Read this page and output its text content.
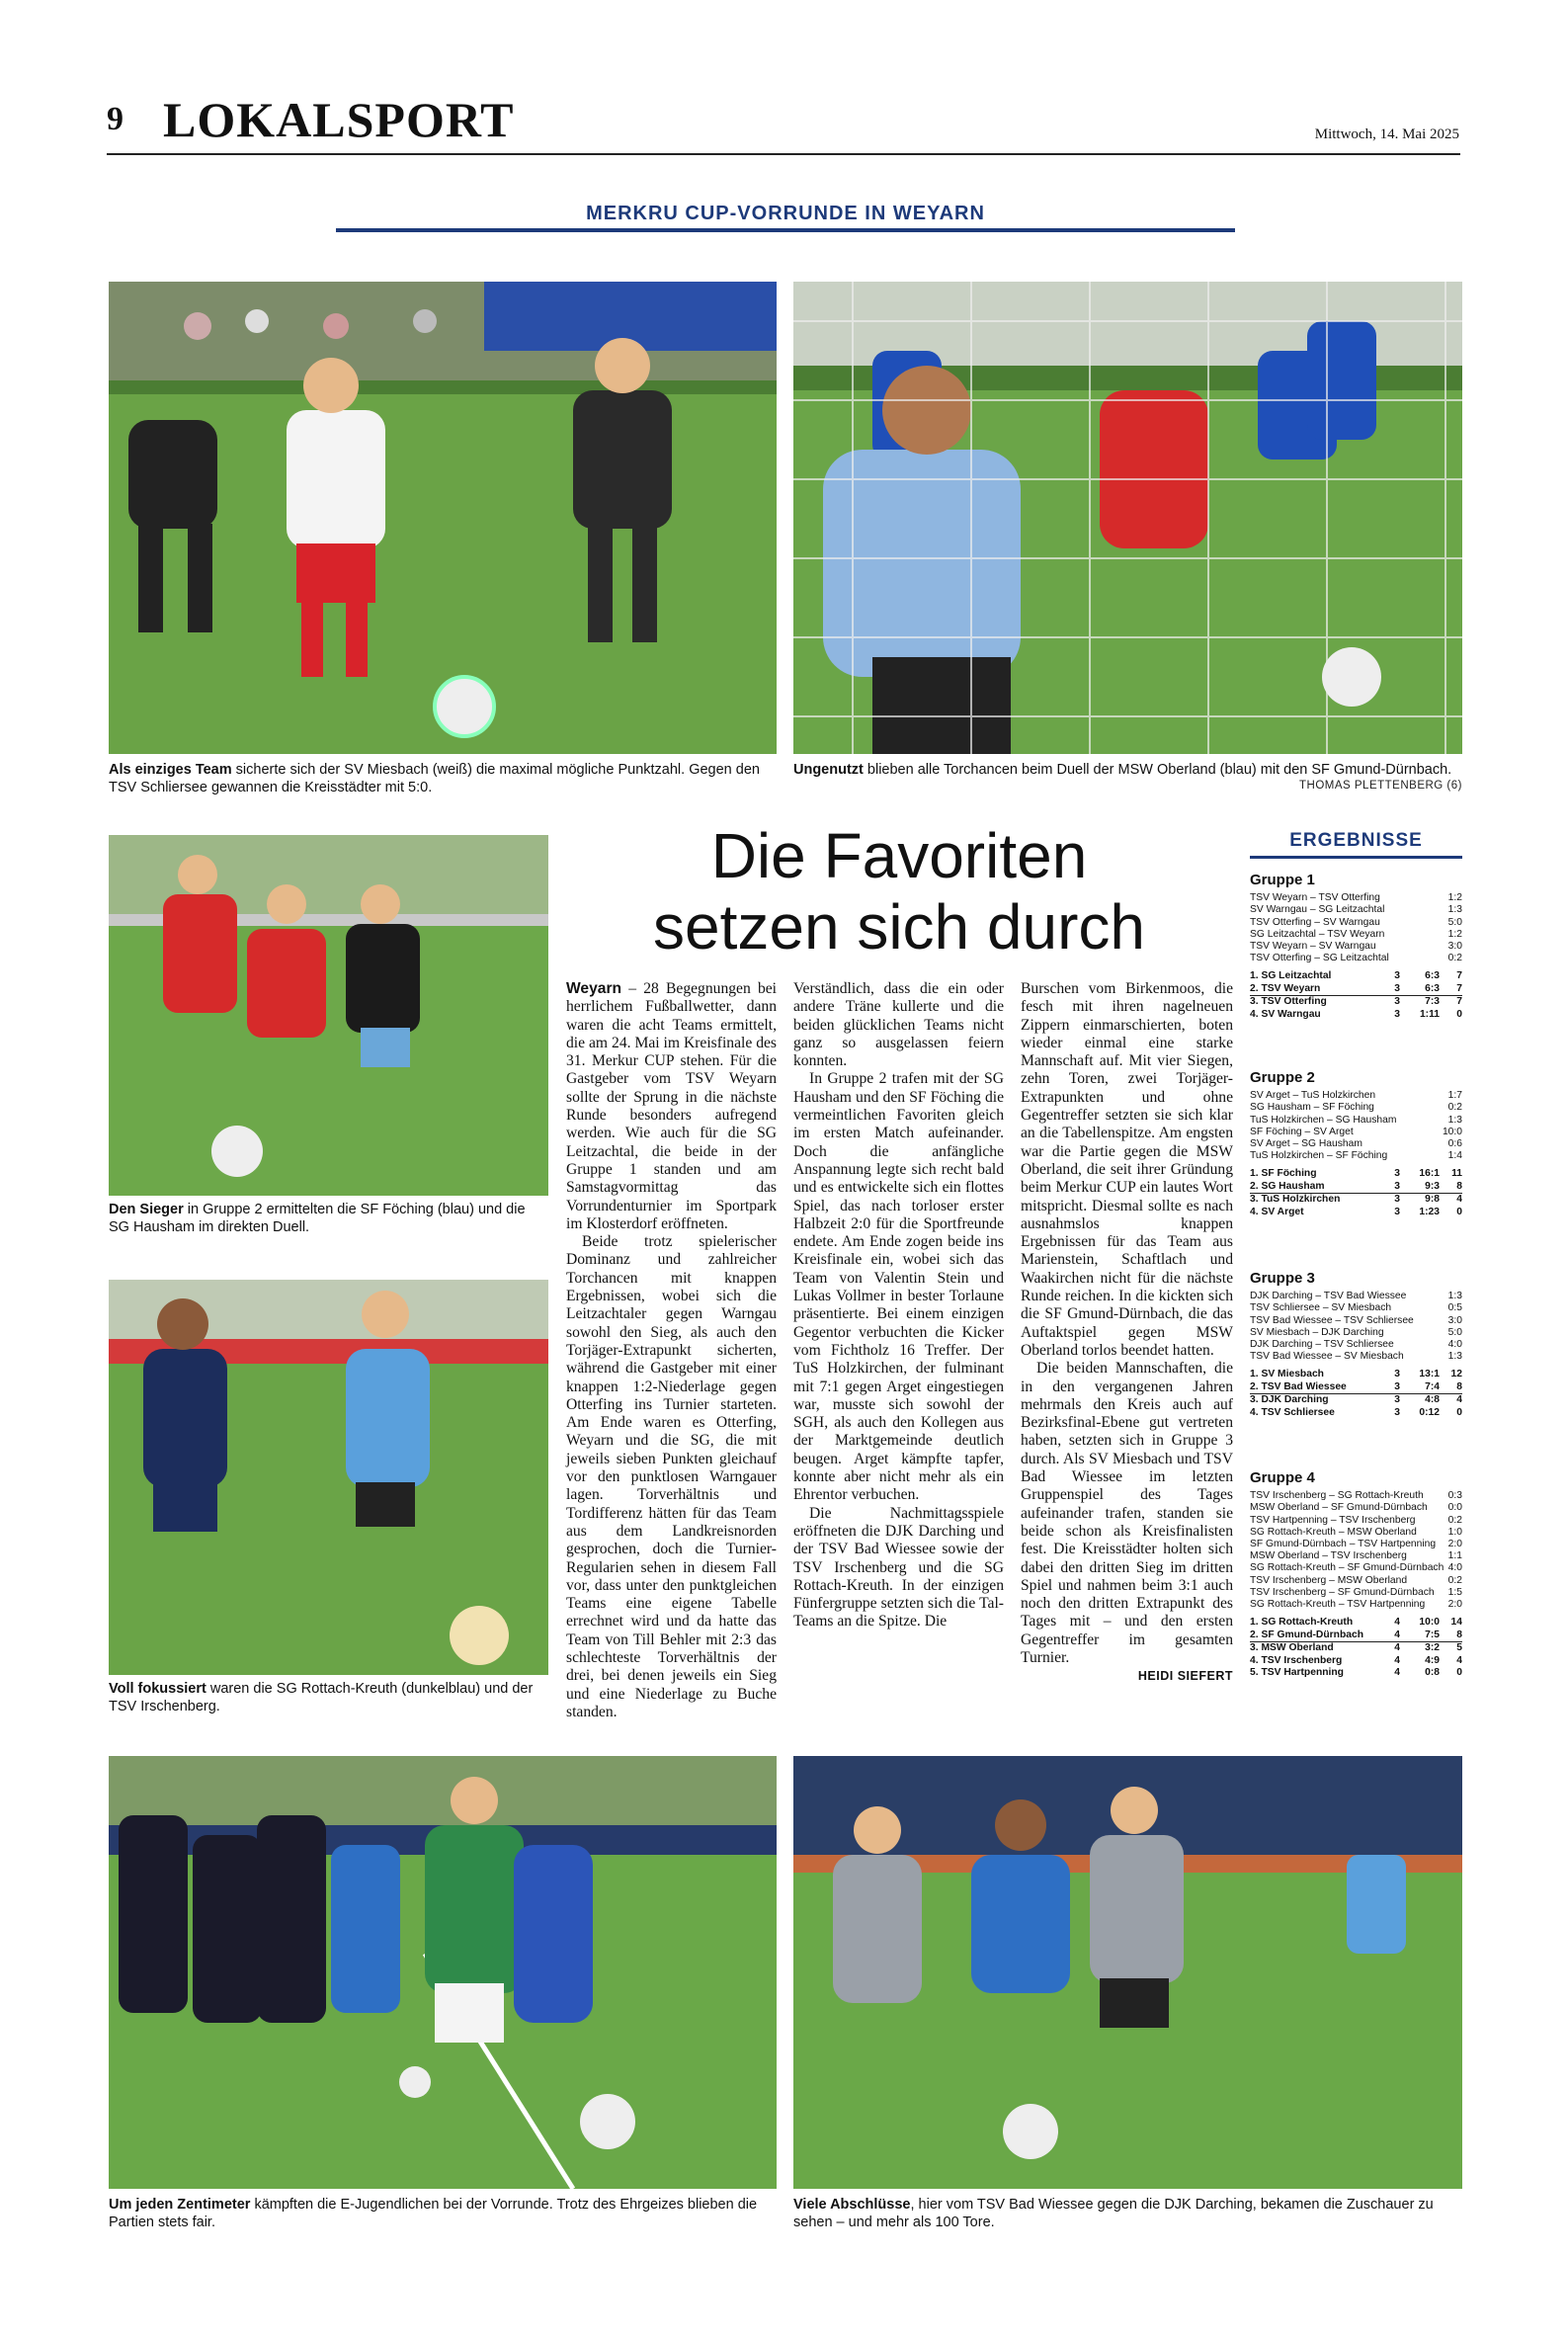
9 LOKALSPORT	Mittwoch, 14. Mai 2025
MERKRU CUP-VORRUNDE IN WEYARN
Als einziges Team sicherte sich der SV Miesbach (weiß) die maximal mögliche Punktzahl. Gegen den TSV Schliersee gewannen die Kreisstädter mit 5:0.
Ungenutzt blieben alle Torchancen beim Duell der MSW Oberland (blau) mit den SF Gmund-Dürnbach.
THOMAS PLETTENBERG (6)
Den Sieger in Gruppe 2 ermittelten die SF Föching (blau) und die SG Hausham im direkten Duell.
Voll fokussiert waren die SG Rottach-Kreuth (dunkelblau) und der TSV Irschenberg.
Die Favoriten
setzen sich durch

Weyarn – 28 Begegnungen bei herrlichem Fußballwetter, dann waren die acht Teams ermittelt, die am 24. Mai im Kreisfinale des 31. Merkur CUP stehen. Für die Gastgeber vom TSV Weyarn sollte der Sprung in die nächste Runde besonders aufregend werden. Wie auch für die SG Leitzachtal, die beide in der Gruppe 1 standen und am Samstagvormittag das Vorrundenturnier im Sportpark im Klosterdorf eröffneten.

Beide trotz spielerischer Dominanz und zahlreicher Torchancen mit knappen Ergebnissen, wobei sich die Leitzachtaler gegen Warngau sowohl den Sieg, als auch den Torjäger-Extrapunkt sicherten, während die Gastgeber mit einer knappen 1:2-Niederlage gegen Otterfing ins Turnier starteten. Am Ende waren es Otterfing, Weyarn und die SG, die mit jeweils sieben Punkten gleichauf vor den punktlosen Warngauer lagen. Torverhältnis und Tordifferenz hätten für das Team aus dem Landkreisnorden gesprochen, doch die Turnier-Regularien sehen in diesem Fall vor, dass unter den punktgleichen Teams eine eigene Tabelle errechnet wird und da hatte das Team von Till Behler mit 2:3 das schlechteste Torverhältnis der drei, bei denen jeweils ein Sieg und eine Niederlage zu Buche standen.

Verständlich, dass die ein oder andere Träne kullerte und die beiden glücklichen Teams nicht ganz so ausgelassen feiern konnten.

In Gruppe 2 trafen mit der SG Hausham und den SF Föching die vermeintlichen Favoriten gleich im ersten Match aufeinander. Doch die anfängliche Anspannung legte sich recht bald und es entwickelte sich ein flottes Spiel, das nach torloser erster Halbzeit 2:0 für die Sportfreunde endete. Am Ende zogen beide ins Kreisfinale ein, wobei sich das Team von Valentin Stein und Lukas Vollmer in bester Torlaune präsentierte. Bei einem einzigen Gegentor verbuchten die Kicker vom Fichtholz 16 Treffer. Der TuS Holzkirchen, der fulminant mit 7:1 gegen Arget eingestiegen war, musste sich sowohl der SGH, als auch den Kollegen aus der Marktgemeinde deutlich beugen. Arget kämpfte tapfer, konnte aber nicht mehr als ein Ehrentor verbuchen.

Die Nachmittagsspiele eröffneten die DJK Darching und der TSV Bad Wiessee sowie der TSV Irschenberg und die SG Rottach-Kreuth. In der einzigen Fünfergruppe setzten sich die Tal-Teams an die Spitze. Die

Burschen vom Birkenmoos, die fesch mit ihren nagelneuen Zippern einmarschierten, boten wieder einmal eine starke Mannschaft auf. Mit vier Siegen, zehn Toren, zwei Torjäger-Extrapunkten und ohne Gegentreffer setzten sie sich klar an die Tabellenspitze. Am engsten war die Partie gegen die MSW Oberland, die seit ihrer Gründung beim Merkur CUP ein lautes Wort mitspricht. Diesmal sollte es nach ausnahmslos knappen Ergebnissen für das Team aus Marienstein, Schaftlach und Waakirchen nicht für die nächste Runde reichen. In die kickten sich die SF Gmund-Dürnbach, die das Auftaktspiel gegen MSW Oberland torlos beendet hatten.

Die beiden Mannschaften, die in den vergangenen Jahren mehrmals den Kreis auch auf Bezirksfinal-Ebene gut vertreten haben, setzten sich in Gruppe 3 durch. Als SV Miesbach und TSV Bad Wiessee im letzten Gruppenspiel des Tages aufeinander trafen, standen sie beide schon als Kreisfinalisten fest. Die Kreisstädter holten sich dabei den dritten Sieg im dritten Spiel und nahmen beim 3:1 auch noch den dritten Extrapunkt des Tages mit – und den ersten Gegentreffer im gesamten Turnier.

HEIDI SIEFERT
ERGEBNISSE
Gruppe 1
TSV Weyarn – TSV Otterfing	1:2
SV Warngau – SG Leitzachtal	1:3
TSV Otterfing – SV Warngau	5:0
SG Leitzachtal – TSV Weyarn	1:2
TSV Weyarn – SV Warngau	3:0
TSV Otterfing – SG Leitzachtal	0:2
1. SG Leitzachtal	3	6:3	7
2. TSV Weyarn	3	6:3	7
3. TSV Otterfing	3	7:3	7
4. SV Warngau	3	1:11	0
Gruppe 2
SV Arget – TuS Holzkirchen	1:7
SG Hausham – SF Föching	0:2
TuS Holzkirchen – SG Hausham	1:3
SF Föching – SV Arget	10:0
SV Arget – SG Hausham	0:6
TuS Holzkirchen – SF Föching	1:4
1. SF Föching	3	16:1	11
2. SG Hausham	3	9:3	8
3. TuS Holzkirchen	3	9:8	4
4. SV Arget	3	1:23	0
Gruppe 3
DJK Darching – TSV Bad Wiessee	1:3
TSV Schliersee – SV Miesbach	0:5
TSV Bad Wiessee – TSV Schliersee	3:0
SV Miesbach – DJK Darching	5:0
DJK Darching – TSV Schliersee	4:0
TSV Bad Wiessee – SV Miesbach	1:3
1. SV Miesbach	3	13:1	12
2. TSV Bad Wiessee	3	7:4	8
3. DJK Darching	3	4:8	4
4. TSV Schliersee	3	0:12	0
Gruppe 4
TSV Irschenberg – SG Rottach-Kreuth	0:3
MSW Oberland – SF Gmund-Dürnbach	0:0
TSV Hartpenning – TSV Irschenberg	0:2
SG Rottach-Kreuth – MSW Oberland	1:0
SF Gmund-Dürnbach – TSV Hartpenning	2:0
MSW Oberland – TSV Irschenberg	1:1
SG Rottach-Kreuth – SF Gmund-Dürnbach 4:0
TSV Irschenberg – MSW Oberland	0:2
TSV Irschenberg – SF Gmund-Dürnbach	1:5
SG Rottach-Kreuth – TSV Hartpenning	2:0
1. SG Rottach-Kreuth	4	10:0	14
2. SF Gmund-Dürnbach	4	7:5	8
3. MSW Oberland	4	3:2	5
4. TSV Irschenberg	4	4:9	4
5. TSV Hartpenning	4	0:8	0
Um jeden Zentimeter kämpften die E-Jugendlichen bei der Vorrunde. Trotz des Ehrgeizes blieben die Partien stets fair.
Viele Abschlüsse, hier vom TSV Bad Wiessee gegen die DJK Darching, bekamen die Zuschauer zu sehen – und mehr als 100 Tore.
